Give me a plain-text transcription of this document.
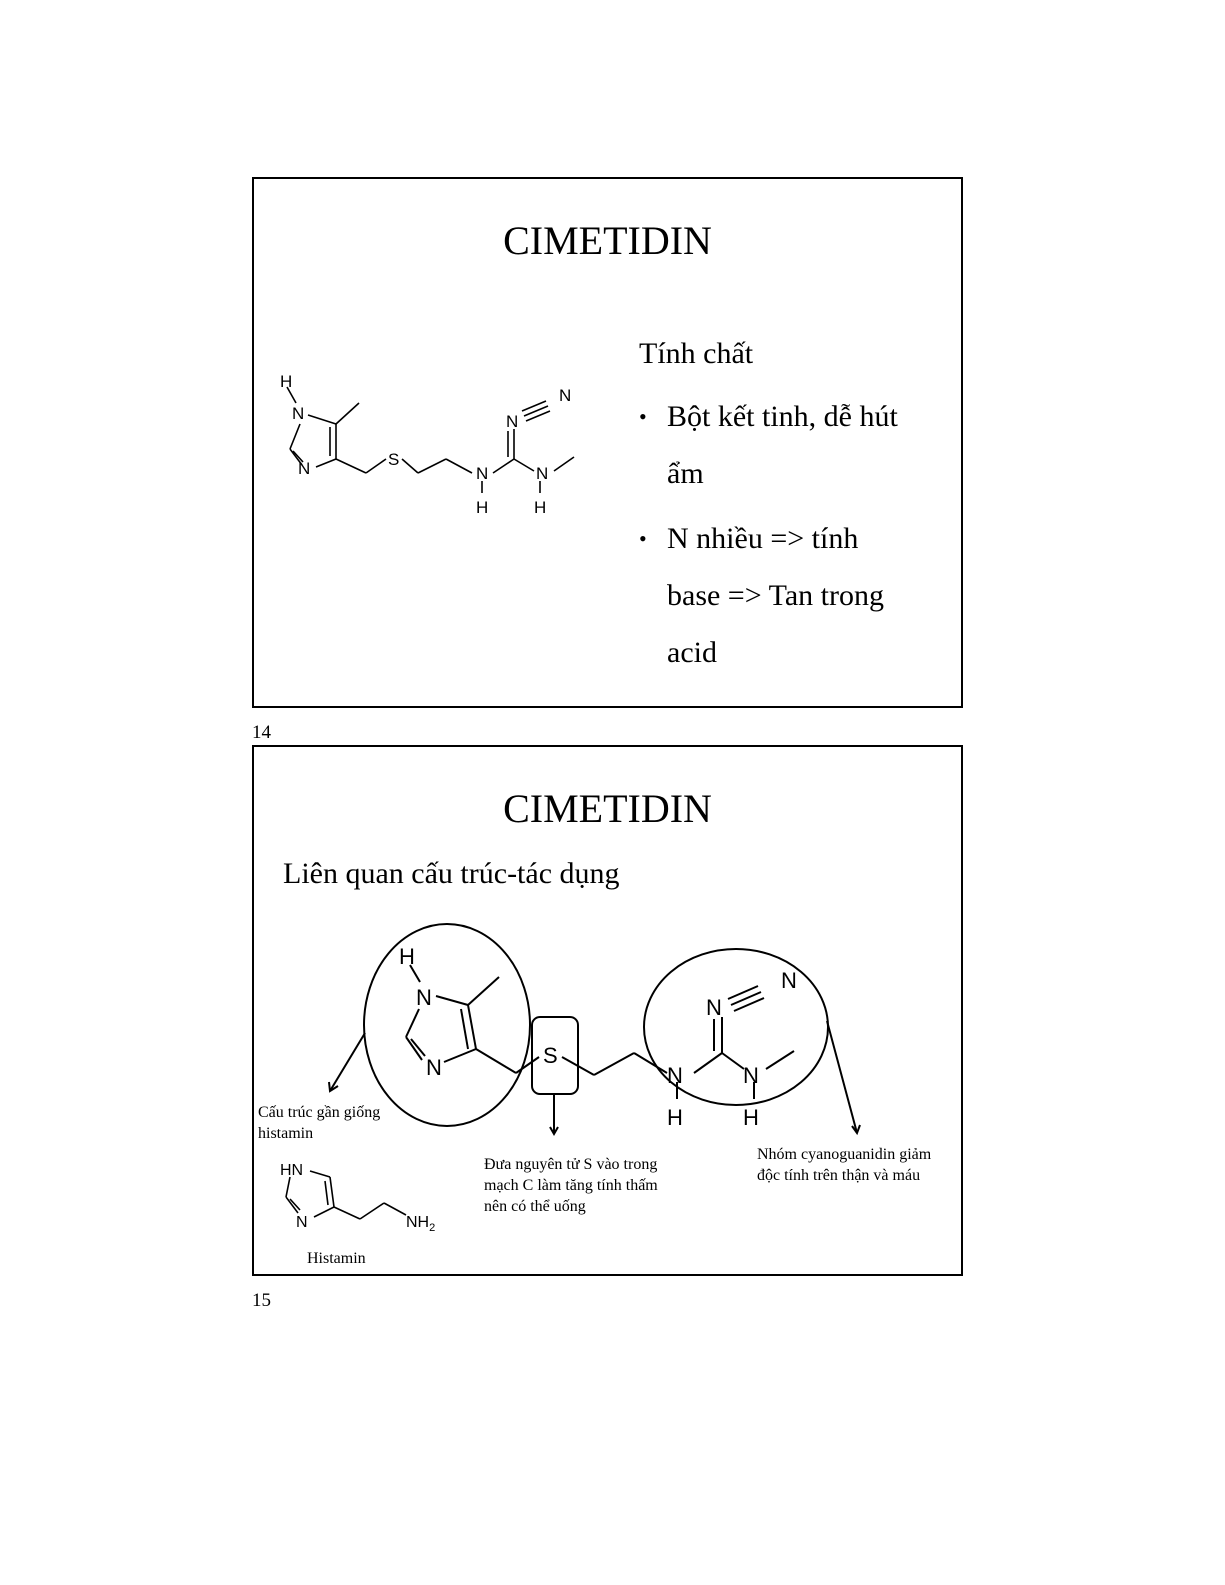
CIMETIDIN
H
N
N	S
N
H
N
N
N
H
Tính chất
• Bột kết tinh, dễ hút
ẩm
• N nhiều => tính
base => Tan trong
acid
14
CIMETIDIN
Liên quan cấu trúc-tác dụng
H
N
N	S
N
H
N
N
N
H
Cấu trúc gần giống
histamin
Đưa nguyên tử S vào trong
mạch C làm tăng tính thấm
nên có thể uống
Nhóm cyanoguanidin giảm
độc tính trên thận và máu
HN
N	$NH_2$
Histamin
15
